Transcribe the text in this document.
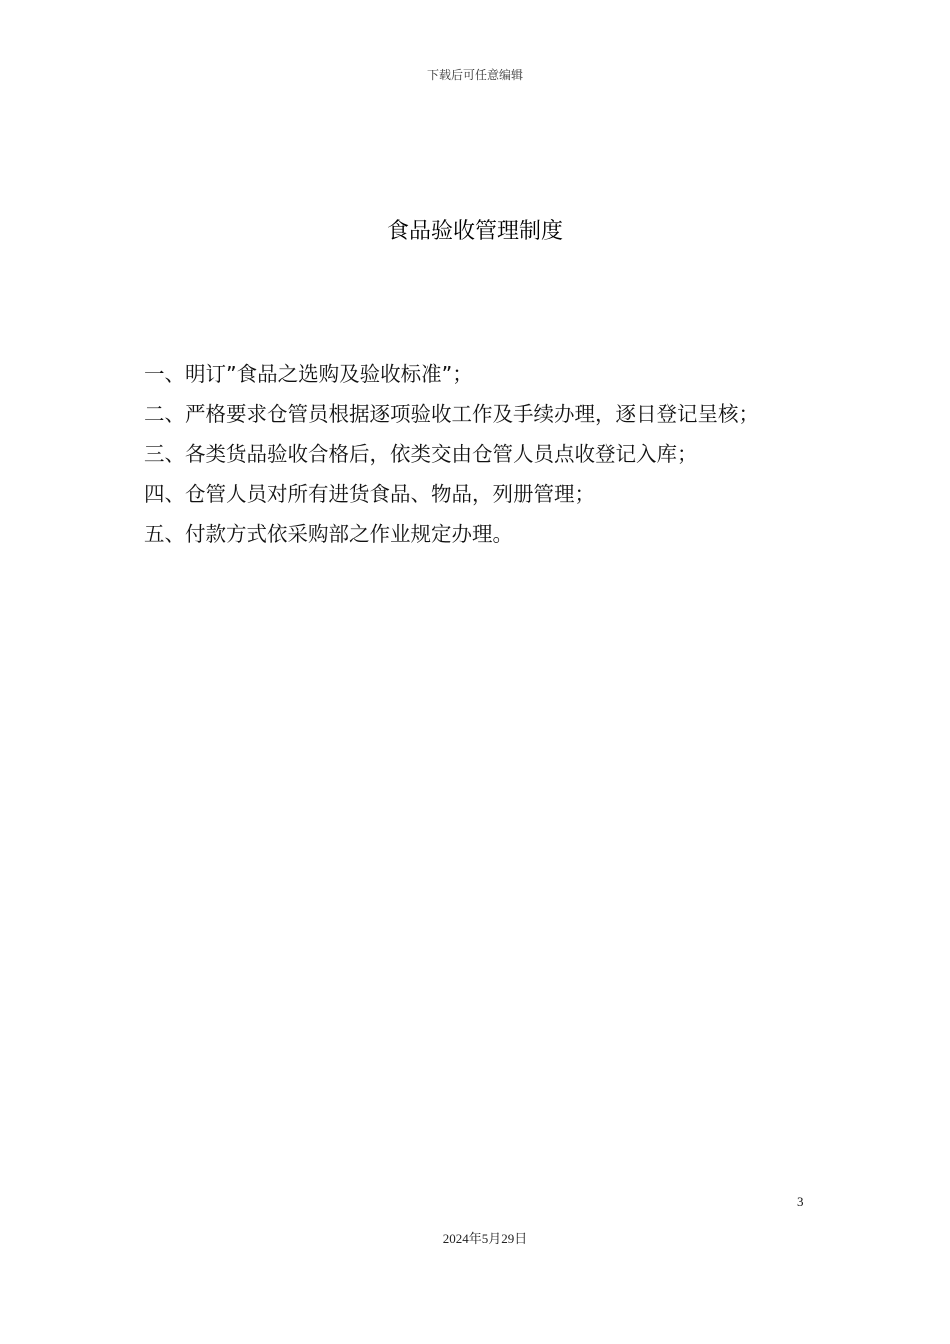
下载后可任意编辑
食品验收管理制度
一、明订”食品之选购及验收标准”；
二、严格要求仓管员根据逐项验收工作及手续办理，逐日登记呈核；
三、各类货品验收合格后，依类交由仓管人员点收登记入库；
四、仓管人员对所有进货食品、物品，列册管理；
五、付款方式依采购部之作业规定办理。
3
2024年5月29日
